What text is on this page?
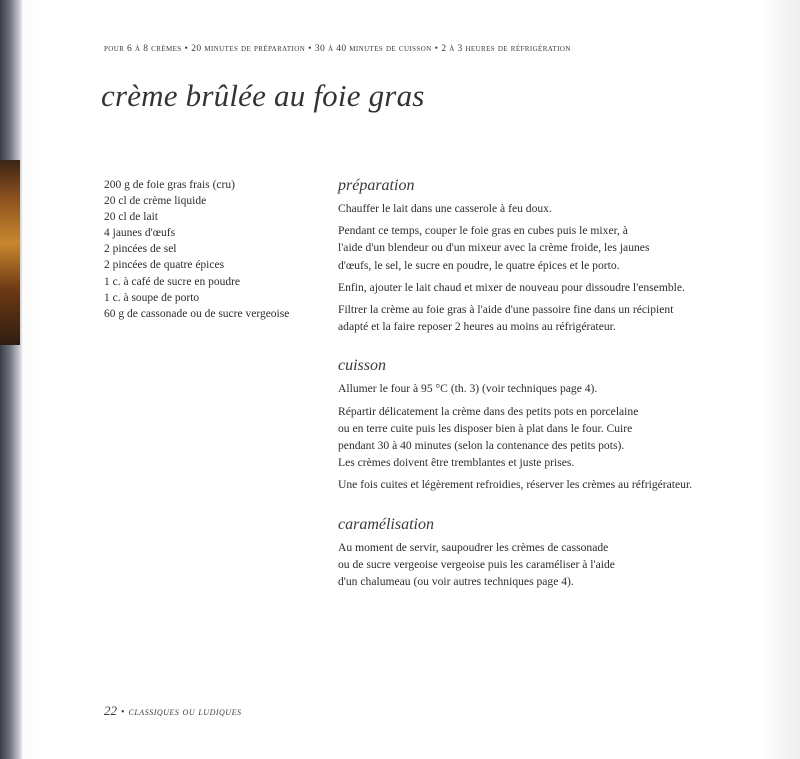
pour 6 à 8 crèmes • 20 minutes de préparation • 30 à 40 minutes de cuisson • 2 à 3 heures de réfrigération
crème brûlée au foie gras
200 g de foie gras frais (cru)
20 cl de crème liquide
20 cl de lait
4 jaunes d'œufs
2 pincées de sel
2 pincées de quatre épices
1 c. à café de sucre en poudre
1 c. à soupe de porto
60 g de cassonade ou de sucre vergeoise
préparation

Chauffer le lait dans une casserole à feu doux.

Pendant ce temps, couper le foie gras en cubes puis le mixer, à
l'aide d'un blendeur ou d'un mixeur avec la crème froide, les jaunes
d'œufs, le sel, le sucre en poudre, le quatre épices et le porto.

Enfin, ajouter le lait chaud et mixer de nouveau pour dissoudre l'ensemble.

Filtrer la crème au foie gras à l'aide d'une passoire fine dans un récipient
adapté et la faire reposer 2 heures au moins au réfrigérateur.

cuisson

Allumer le four à 95 °C (th. 3) (voir techniques page 4).

Répartir délicatement la crème dans des petits pots en porcelaine
ou en terre cuite puis les disposer bien à plat dans le four. Cuire
pendant 30 à 40 minutes (selon la contenance des petits pots).
Les crèmes doivent être tremblantes et juste prises.

Une fois cuites et légèrement refroidies, réserver les crèmes au réfrigérateur.

caramélisation

Au moment de servir, saupoudrer les crèmes de cassonade
ou de sucre vergeoise vergeoise puis les caraméliser à l'aide
d'un chalumeau (ou voir autres techniques page 4).

22 • classiques ou ludiques
